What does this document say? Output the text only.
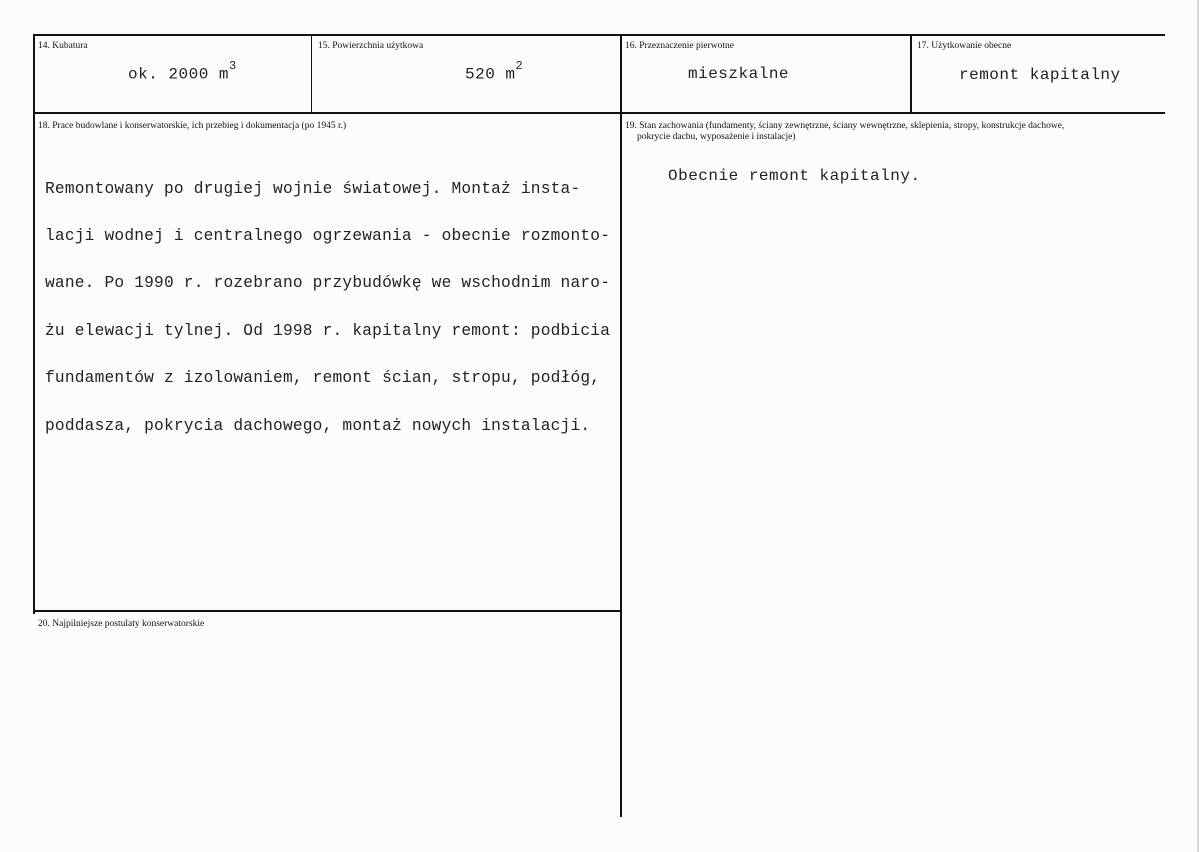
14. Kubatura
ok. 2000 $m^3$
15. Powierzchnia użytkowa
520 $m^2$
16. Przeznaczenie pierwotne
mieszkalne
17. Użytkowanie obecne
remont kapitalny
18. Prace budowlane i konserwatorskie, ich przebieg i dokumentacja (po 1945 r.)

Remontowany po drugiej wojnie światowej. Montaż insta-

lacji wodnej i centralnego ogrzewania - obecnie rozmonto-

wane. Po 1990 r. rozebrano przybudówkę we wschodnim naro-

żu elewacji tylnej. Od 1998 r. kapitalny remont: podbicia

fundamentów z izolowaniem, remont ścian, stropu, podłóg,

poddasza, pokrycia dachowego, montaż nowych instalacji.

19. Stan zachowania (fundamenty, ściany zewnętrzne, ściany wewnętrzne, sklepienia, stropy, konstrukcje dachowe,
pokrycie dachu, wyposażenie i instalacje)
Obecnie remont kapitalny.
20. Najpilniejsze postulaty konserwatorskie
